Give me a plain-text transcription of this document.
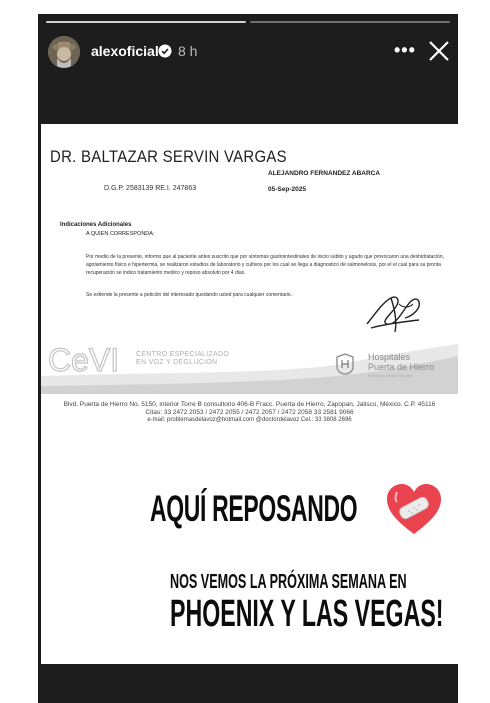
alexoficial 8 h	•••
DR. BALTAZAR SERVIN VARGAS
D.G.P. 2583139 RE.I. 247863
ALEJANDRO FERNANDEZ ABARCA
05-Sep-2025
Indicaciones Adicionales
A QUIEN CORRESPONDA:
Por medio de la presente, informo que al paciente antes suscrito que por síntomas gastrointestinales de inicio súbito y agudo que provocaron una deshidratación, agotamiento físico e hipertermia, se realizaron estudios de laboratorio y cultivos por los cual se llega a diagnostico de salmonelosis, por el el cual para su pronta recuperación se indico tratamiento medico y reposo absoluto por 4 dias.
Se extiende la presente a petición del interesado quedando usted para cualquier comentario.
CeVI CENTRO ESPECIALIZADO
EN VOZ Y DEGLUCIÓN
Hospitales
Puerta de Hierro
Excelencia Médica Ejecutiva
Blvd. Puerta de Hierro No. 5150, interior Torre B consultorio 406-B Fracc. Puerta de Hierro, Zapopan, Jalisco, México. C.P. 45116
Citas: 33 2472 2053 / 2472 2055 / 2472 2057 / 2472 2058 33 2581 9066
e-mail: problemasdelavoz@hotmail.com @doctordelavoz Cel.: 33 3808 2696
AQUÍ REPOSANDO
NOS VEMOS LA PRÓXIMA SEMANA EN
PHOENIX Y LAS VEGAS!
